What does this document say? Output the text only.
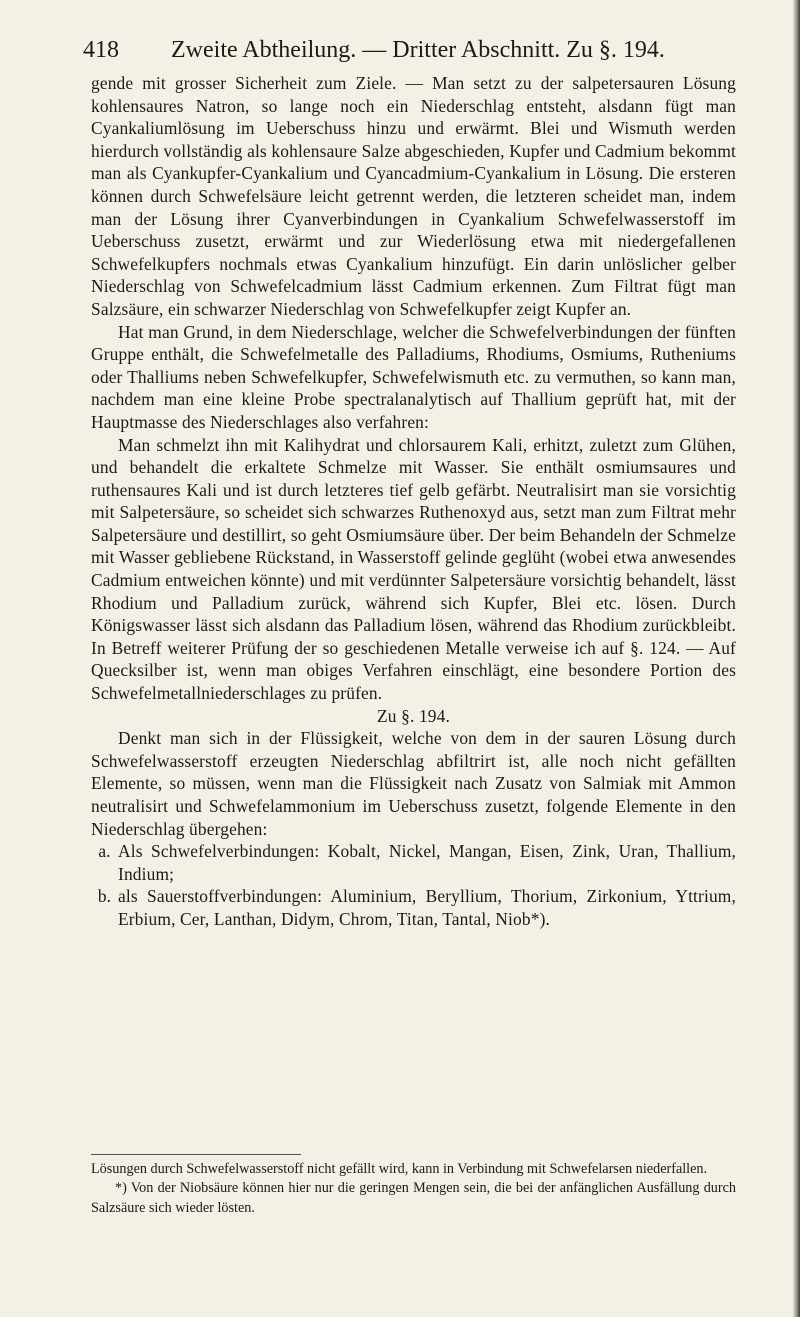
418 Zweite Abtheilung. — Dritter Abschnitt. Zu §. 194.

gende mit grosser Sicherheit zum Ziele. — Man setzt zu der salpetersauren Lösung kohlensaures Natron, so lange noch ein Niederschlag entsteht, alsdann fügt man Cyankaliumlösung im Ueberschuss hinzu und erwärmt. Blei und Wismuth werden hierdurch vollständig als kohlensaure Salze abgeschieden, Kupfer und Cadmium bekommt man als Cyankupfer-Cyankalium und Cyancadmium-Cyankalium in Lösung. Die ersteren können durch Schwefelsäure leicht getrennt werden, die letzteren scheidet man, indem man der Lösung ihrer Cyanverbindungen in Cyankalium Schwefelwasserstoff im Ueberschuss zusetzt, erwärmt und zur Wiederlösung etwa mit niedergefallenen Schwefelkupfers nochmals etwas Cyankalium hinzufügt. Ein darin unlöslicher gelber Niederschlag von Schwefelcadmium lässt Cadmium erkennen. Zum Filtrat fügt man Salzsäure, ein schwarzer Niederschlag von Schwefelkupfer zeigt Kupfer an.

Hat man Grund, in dem Niederschlage, welcher die Schwefelverbindungen der fünften Gruppe enthält, die Schwefelmetalle des Palladiums, Rhodiums, Osmiums, Rutheniums oder Thalliums neben Schwefelkupfer, Schwefelwismuth etc. zu vermuthen, so kann man, nachdem man eine kleine Probe spectralanalytisch auf Thallium geprüft hat, mit der Hauptmasse des Niederschlages also verfahren:

Man schmelzt ihn mit Kalihydrat und chlorsaurem Kali, erhitzt, zuletzt zum Glühen, und behandelt die erkaltete Schmelze mit Wasser. Sie enthält osmiumsaures und ruthensaures Kali und ist durch letzteres tief gelb gefärbt. Neutralisirt man sie vorsichtig mit Salpetersäure, so scheidet sich schwarzes Ruthenoxyd aus, setzt man zum Filtrat mehr Salpetersäure und destillirt, so geht Osmiumsäure über. Der beim Behandeln der Schmelze mit Wasser gebliebene Rückstand, in Wasserstoff gelinde geglüht (wobei etwa anwesendes Cadmium entweichen könnte) und mit verdünnter Salpetersäure vorsichtig behandelt, lässt Rhodium und Palladium zurück, während sich Kupfer, Blei etc. lösen. Durch Königswasser lässt sich alsdann das Palladium lösen, während das Rhodium zurückbleibt. In Betreff weiterer Prüfung der so geschiedenen Metalle verweise ich auf §. 124. — Auf Quecksilber ist, wenn man obiges Verfahren einschlägt, eine besondere Portion des Schwefelmetallniederschlages zu prüfen.

Zu §. 194.

Denkt man sich in der Flüssigkeit, welche von dem in der sauren Lösung durch Schwefelwasserstoff erzeugten Niederschlag abfiltrirt ist, alle noch nicht gefällten Elemente, so müssen, wenn man die Flüssigkeit nach Zusatz von Salmiak mit Ammon neutralisirt und Schwefelammonium im Ueberschuss zusetzt, folgende Elemente in den Niederschlag übergehen:

a. Als Schwefelverbindungen: Kobalt, Nickel, Mangan, Eisen, Zink, Uran, Thallium, Indium;
b. als Sauerstoffverbindungen: Aluminium, Beryllium, Thorium, Zirkonium, Yttrium, Erbium, Cer, Lanthan, Didym, Chrom, Titan, Tantal, Niob*).

Lösungen durch Schwefelwasserstoff nicht gefällt wird, kann in Verbindung mit Schwefelarsen niederfallen.

*) Von der Niobsäure können hier nur die geringen Mengen sein, die bei der anfänglichen Ausfällung durch Salzsäure sich wieder lösten.
